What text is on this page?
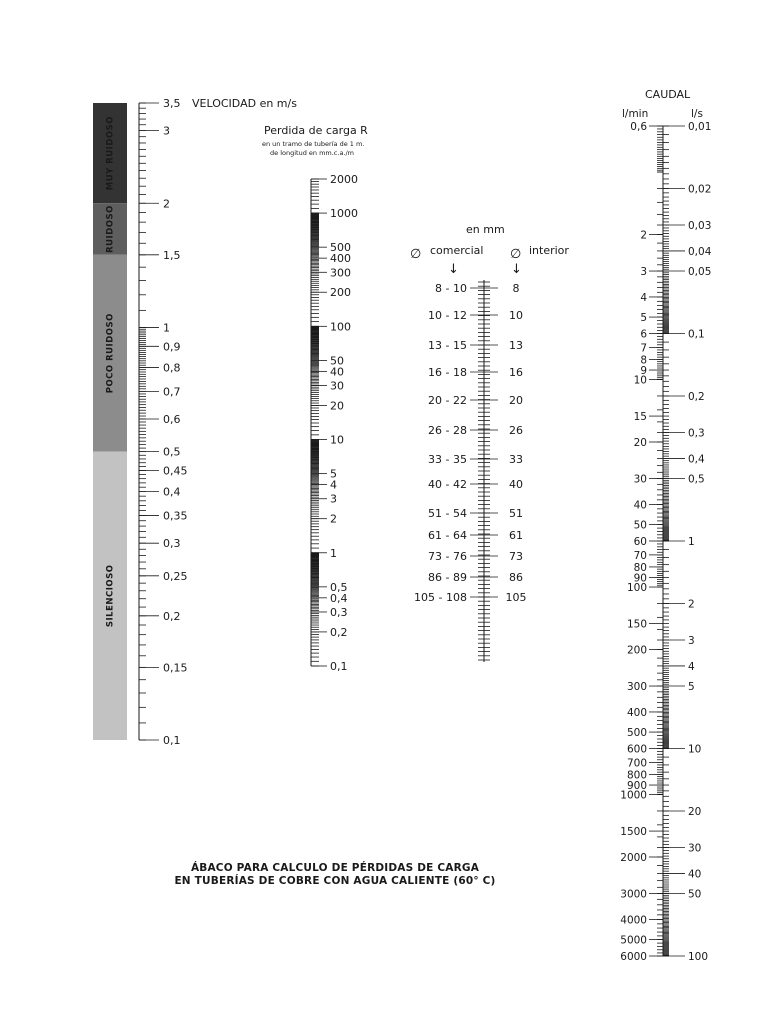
MUY RUIDOSO
RUIDOSO
POCO RUIDOSO
SILENCIOSO
3,5
3
2
1,5
1
0,9
0,8
0,7
0,6
0,5
0,45
0,4
0,35
0,3
0,25
0,2
0,15
0,1
VELOCIDAD en m/s
2000
1000
500
400
300
200
100
50
40
30
20
10
5
4
3
2
1
0,5
0,4
0,3
0,2
0,1
Perdida de carga R
en un tramo de tubería de 1 m.
de longitud en mm.c.a./m
8 - 10	8
10 - 12	10
13 - 15	13
16 - 18	16
20 - 22	20
26 - 28	26
33 - 35	33
40 - 42	40
51 - 54	51
61 - 64	61
73 - 76	73
86 - 89	86
105 - 108	105
en mm
∅ comercial ∅ interior
↓	↓
0,6
2
3
4
5
6
7
8
9
10
15
20
30
40
50
60
70
80
90
100
150
200
300
400
500
600
700
800
900
1000
1500
2000
3000
4000
5000
6000
0,01
0,02
0,03
0,04
0,05
0,1
0,2
0,3
0,4
0,5
1
2
3
4
5
10
20
30
40
50
100
CAUDAL
l/min	l/s
ÁBACO PARA CALCULO DE PÉRDIDAS DE CARGA
EN TUBERÍAS DE COBRE CON AGUA CALIENTE (60° C)
